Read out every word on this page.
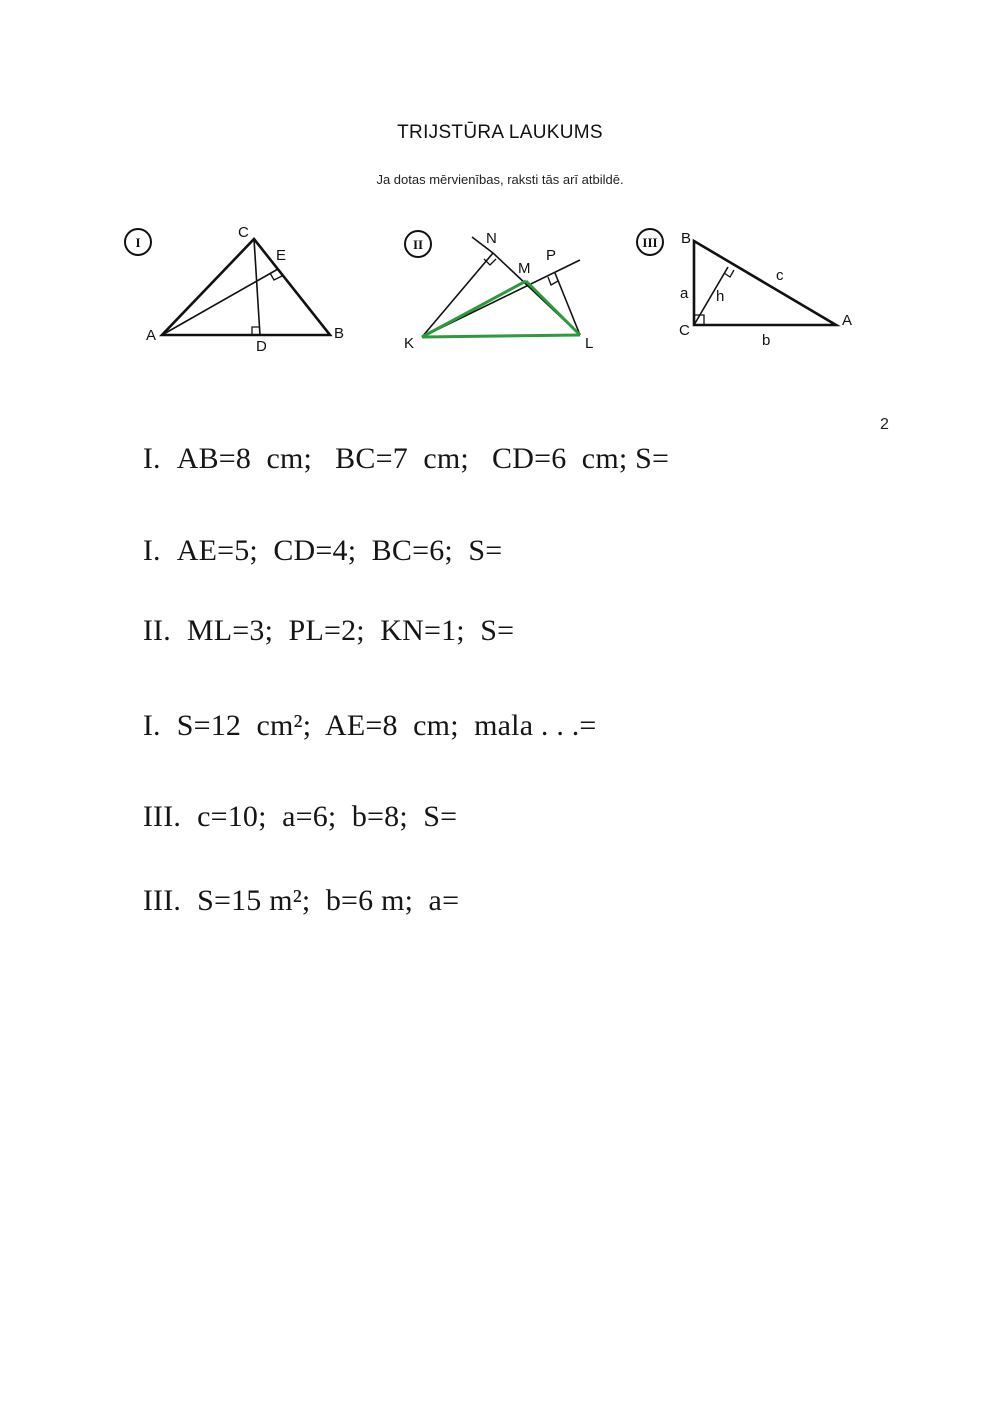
TRIJSTŪRA LAUKUMS
Ja dotas mērvienības, raksti tās arī atbildē.
I
C
E
A	B
D
II	N
M
P
K	L
III B
C
A
a h
c
b
2

I. AB=8  cm;   BC=7  cm;   CD=6  cm; S=

I. AE=5;  CD=4;  BC=6;  S=

II. ML=3;  PL=2;  KN=1;  S=

I. S=12  cm²;  AE=8  cm;  mala . . .=

III. c=10;  a=6;  b=8;  S=

III. S=15 m²;  b=6 m;  a=
